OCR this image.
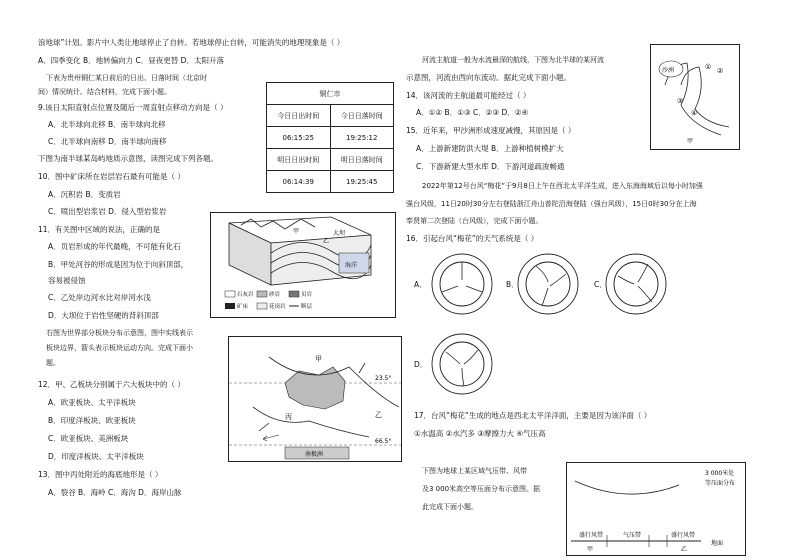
浪地球”计划。影片中人类让地球停止了自转。若地球停止自转，可能消失的地理现象是（ ）
A．四季变化 B．地转偏向力 C．昼夜更替 D．太阳升落
下表为贵州铜仁某日前后的日出、日落时间（北京时
间）情况统计。结合材料，完成下面小题。
9.该日太阳直射点位置及随后一周直射点移动方向是（ ）
A．北半球向北移 B．南半球向北移
C．北半球向南移 D．南半球向南移
下图为南半球某岛屿地质示意图，读图完成下列各题。
10．图中矿床所在岩层岩石最有可能是（ ）
A．沉积岩 B．变质岩
C．喷出型岩浆岩 D．侵入型岩浆岩
11．有关图中区域的说法，正确的是
A．页岩形成的年代最晚，不可能有化石
B．甲处河谷的形成是因为位于向斜顶部，
容易被侵蚀
C．乙处岸边河水比对岸河水浅
D．大坝位于岩性坚硬的背斜顶部
右图为世界部分板块分布示意图，图中实线表示
板块边界，箭头表示板块运动方向。完成下面小
题。
12．甲、乙板块分别属于六大板块中的（ ）
A．欧亚板块、太平洋板块
B．印度洋板块、欧亚板块
C．欧亚板块、美洲板块
D．印度洋板块、太平洋板块
13．图中丙处附近的海底地形是（ ）
A．裂谷 B．海岭 C．海沟 D．海岸山脉
铜仁市	
今日日出时间	今日日落时间
06:15:25	19:25:12
明日日出时间	明日日落时间
06:14:39	19:25:45
大坝
甲
乙
海洋
石灰岩	砂岩	页岩
矿床	花岗岩	断层
南极洲
甲
乙
丙
23.5°
66.5°
河流主航道一般为水流最深的航线，下图为北半球的某河流
示意图，河流由西向东流动。据此完成下面小题。
14．该河流的主航道最可能经过（ ）
A．①② B．①③ C．②③ D．②④
15．近年来，甲沙洲形成速度减慢，其原因是（ ）
A．上游新建防洪大堤 B．上游种植树模扩大
C．下游新建大型水库 D．下游河道疏浚畅通
2022年第12号台风“梅花”于9月8日上午在西北太平洋生成，进入东海海域后以每小时加强
强台风级，11日20时30分左右登陆浙江舟山普陀沿海登陆（强台风级），15日0时30分在上海
奉贤第二次登陆（台风级），完成下面小题。
16．引起台风“梅花”的天气系统是（ ）
沙洲
甲
① ②
③
④
A．	B．	C．
D．
17．台风“梅花”生成的地点是西北太平洋洋面，主要是因为该洋面（ ）
①水温高 ②水汽多 ③摩擦力大 ④气压高
下图为地球上某区域气压带、风带
及3 000米高空等压面分布示意图。据
此完成下面小题。
3 000米处
等压面分布
盛行风带	气压带	盛行风带
甲	乙
地面
